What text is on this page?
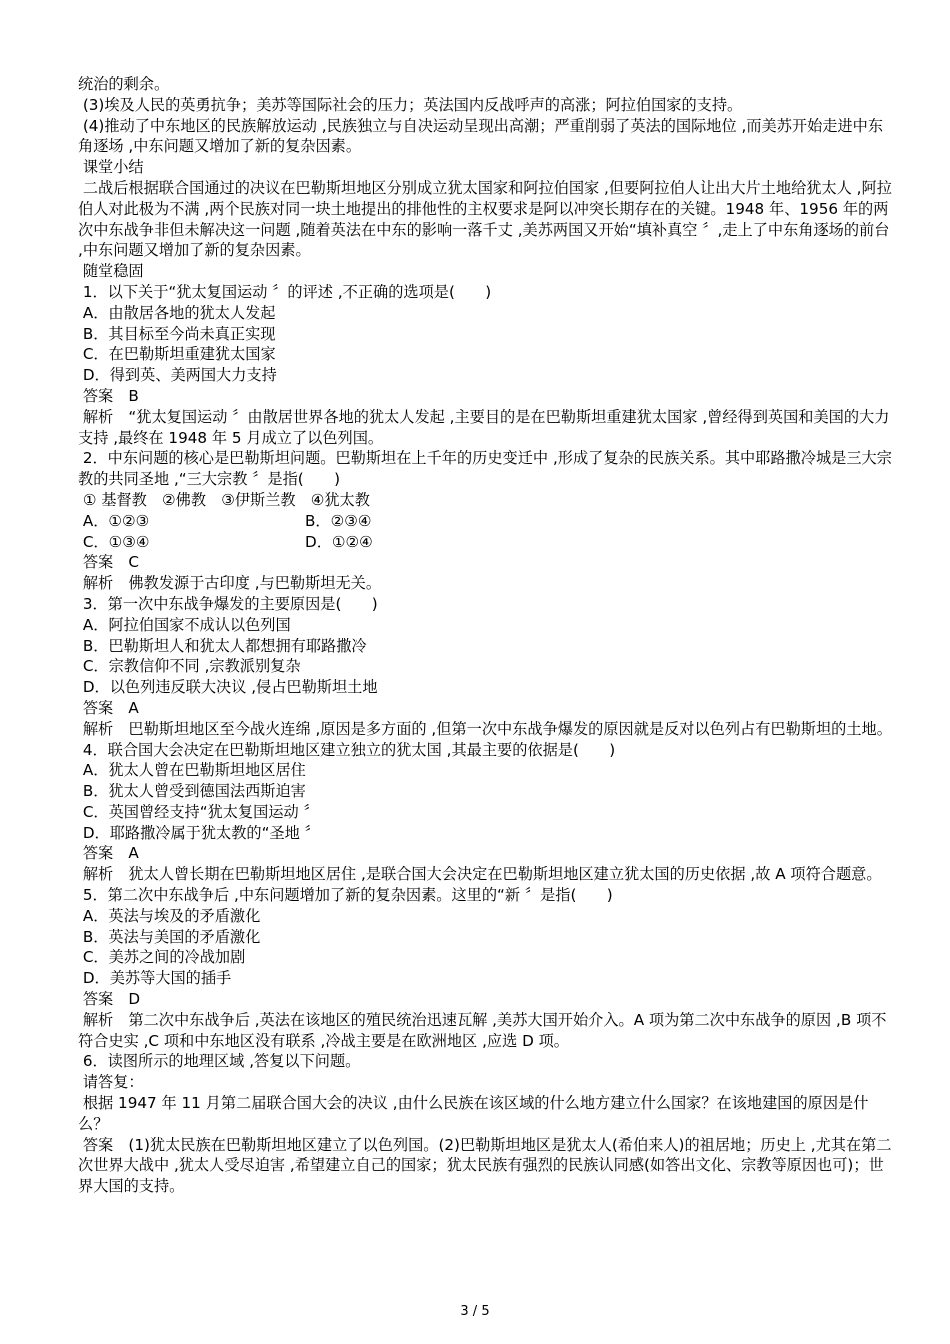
统治的剩余。

(3)埃及人民的英勇抗争；美苏等国际社会的压力；英法国内反战呼声的高涨；阿拉伯国家的支持。

(4)推动了中东地区的民族解放运动 ,民族独立与自决运动呈现出高潮；严重削弱了英法的国际地位 ,而美苏开始走进中东角逐场 ,中东问题又增加了新的复杂因素。

课堂小结

二战后根据联合国通过的决议在巴勒斯坦地区分别成立犹太国家和阿拉伯国家 ,但要阿拉伯人让出大片土地给犹太人 ,阿拉伯人对此极为不满 ,两个民族对同一块土地提出的排他性的主权要求是阿以冲突长期存在的关键。1948 年、1956 年的两次中东战争非但未解决这一问题 ,随着英法在中东的影响一落千丈 ,美苏两国又开始“填补真空 〞,走上了中东角逐场的前台 ,中东问题又增加了新的复杂因素。

随堂稳固

1．以下关于“犹太复国运动 〞的评述 ,不正确的选项是(　　)

A．由散居各地的犹太人发起

B．其目标至今尚未真正实现

C．在巴勒斯坦重建犹太国家

D．得到英、美两国大力支持

答案　B

解析　“犹太复国运动 〞由散居世界各地的犹太人发起 ,主要目的是在巴勒斯坦重建犹太国家 ,曾经得到英国和美国的大力支持 ,最终在 1948 年 5 月成立了以色列国。

2．中东问题的核心是巴勒斯坦问题。巴勒斯坦在上千年的历史变迁中 ,形成了复杂的民族关系。其中耶路撒冷城是三大宗教的共同圣地 ,“三大宗教 〞是指(　　)

① 基督教　②佛教　③伊斯兰教　④犹太教

A．①②③	B．②③④
C．①③④	D．①②④

答案　C

解析　佛教发源于古印度 ,与巴勒斯坦无关。

3．第一次中东战争爆发的主要原因是(　　)

A．阿拉伯国家不成认以色列国

B．巴勒斯坦人和犹太人都想拥有耶路撒冷

C．宗教信仰不同 ,宗教派别复杂

D．以色列违反联大决议 ,侵占巴勒斯坦土地

答案　A

解析　巴勒斯坦地区至今战火连绵 ,原因是多方面的 ,但第一次中东战争爆发的原因就是反对以色列占有巴勒斯坦的土地。

4．联合国大会决定在巴勒斯坦地区建立独立的犹太国 ,其最主要的依据是(　　)

A．犹太人曾在巴勒斯坦地区居住

B．犹太人曾受到德国法西斯迫害

C．英国曾经支持“犹太复国运动 〞

D．耶路撒冷属于犹太教的“圣地 〞

答案　A

解析　犹太人曾长期在巴勒斯坦地区居住 ,是联合国大会决定在巴勒斯坦地区建立犹太国的历史依据 ,故 A 项符合题意。

5．第二次中东战争后 ,中东问题增加了新的复杂因素。这里的“新 〞是指(　　)

A．英法与埃及的矛盾激化

B．英法与美国的矛盾激化

C．美苏之间的冷战加剧

D．美苏等大国的插手

答案　D

解析　第二次中东战争后 ,英法在该地区的殖民统治迅速瓦解 ,美苏大国开始介入。A 项为第二次中东战争的原因 ,B 项不符合史实 ,C 项和中东地区没有联系 ,冷战主要是在欧洲地区 ,应选 D 项。

6．读图所示的地理区域 ,答复以下问题。

请答复：

根据 1947 年 11 月第二届联合国大会的决议 ,由什么民族在该区域的什么地方建立什么国家？在该地建国的原因是什么？

答案　(1)犹太民族在巴勒斯坦地区建立了以色列国。(2)巴勒斯坦地区是犹太人(希伯来人)的祖居地；历史上 ,尤其在第二次世界大战中 ,犹太人受尽迫害 ,希望建立自己的国家；犹太民族有强烈的民族认同感(如答出文化、宗教等原因也可)；世界大国的支持。

3 / 5
